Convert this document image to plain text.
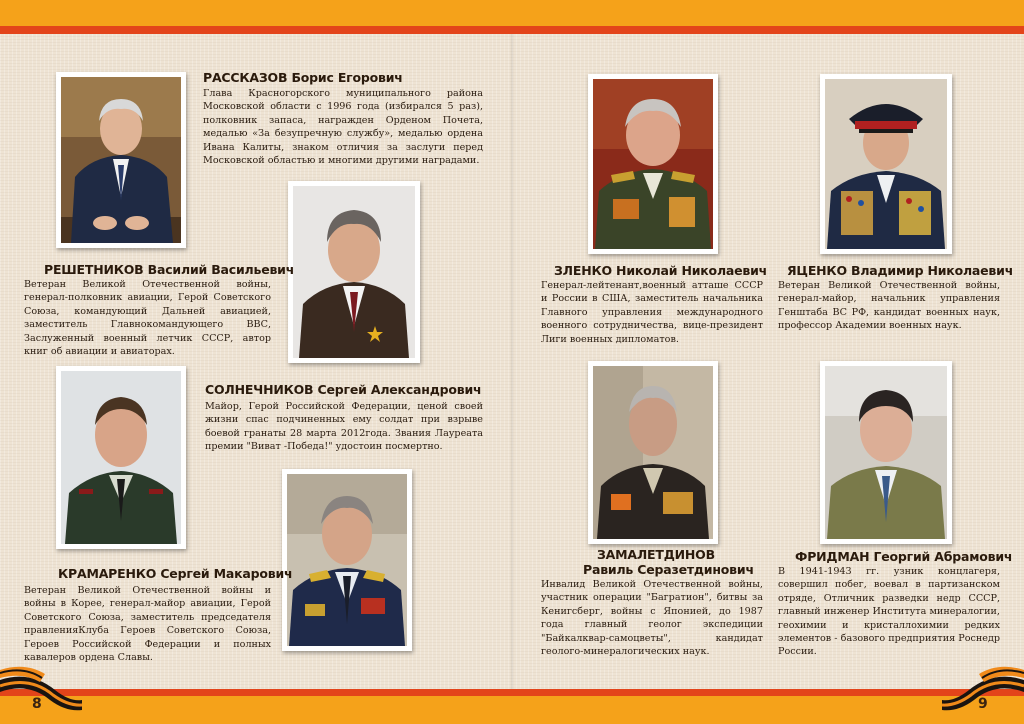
8	9
РАССКАЗОВ Борис Егорович
Глава Красногорского муниципального района Московской области с 1996 года (избирался 5 раз), полковник запаса, награжден Орденом Почета, медалью «За безупречную службу», медалью ордена Ивана Калиты, знаком отличия за заслуги перед Московской областью и многими другими наградами.
РЕШЕТНИКОВ Василий Васильевич
Ветеран Великой Отечественной войны, генерал-полковник авиации, Герой Советского Союза, командующий Дальней авиацией, заместитель Главнокомандующего ВВС, Заслуженный военный летчик СССР, автор книг об авиации и авиаторах.
СОЛНЕЧНИКОВ Сергей Александрович
Майор, Герой Российской Федерации, ценой своей жизни спас подчиненных ему солдат при взрыве боевой гранаты 28 марта 2012года. Звания Лауреата премии "Виват -Победа!" удостоин посмертно.
КРАМАРЕНКО Сергей Макарович
Ветеран Великой Отечественной войны и войны в Корее, генерал-майор авиации, Герой Советского Союза, заместитель председателя правленияКлуба Героев Советского Союза, Героев Российской Федерации и полных кавалеров ордена Славы.
ЗЛЕНКО Николай Николаевич
Генерал-лейтенант,военный атташе СССР и России в США, заместитель начальника Главного управления международного военного сотрудничества, вице-президент Лиги военных дипломатов.
ЯЦЕНКО Владимир Николаевич
Ветеран Великой Отечественной войны, генерал-майор, начальник управления Генштаба ВС РФ, кандидат военных наук, профессор Академии военных наук.
ЗАМАЛЕТДИНОВ
Равиль Серазетдинович
Инвалид Великой Отечественной войны, участник операции "Багратион", битвы за Кенигсберг, войны с Японией, до 1987 года главный геолог экспедиции "Байкалквар-самоцветы", кандидат геолого-минералогических наук.
ФРИДМАН Георгий Абрамович
В 1941-1943 гг. узник концлагеря, совершил побег, воевал в партизанском отряде, Отличник разведки недр СССР, главный инженер Института минералогии, геохимии и кристаллохимии редких элементов - базового предприятия Роснедр России.
